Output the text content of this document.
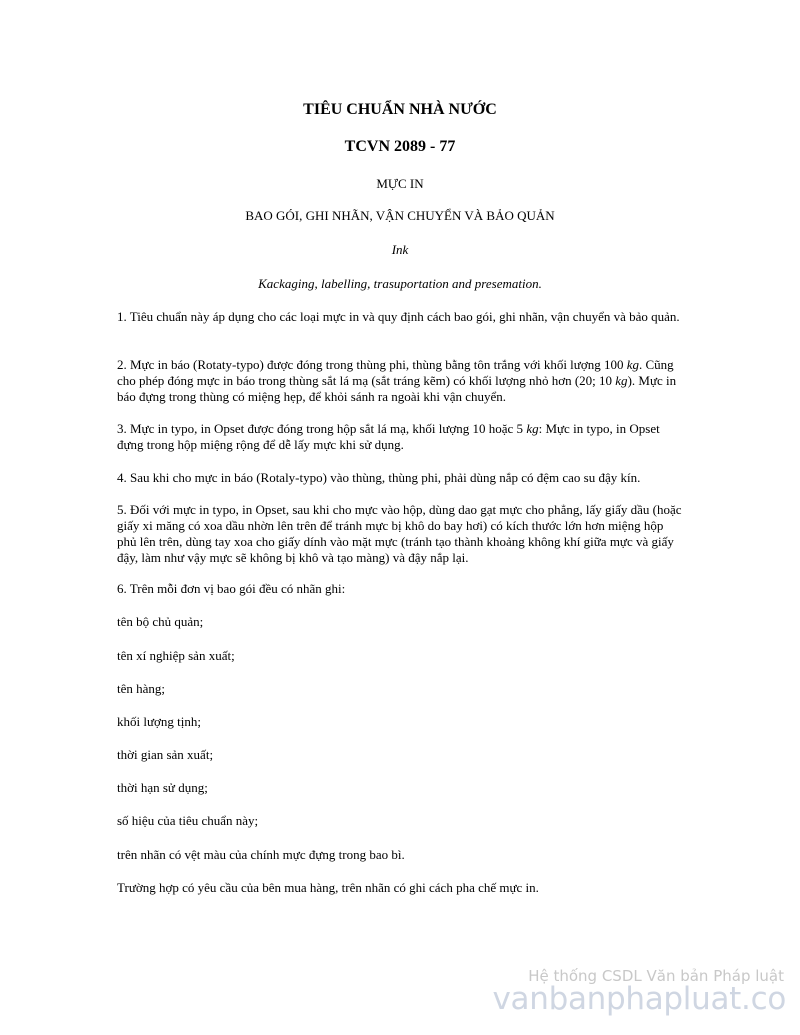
TIÊU CHUẨN NHÀ NƯỚC
TCVN 2089 - 77
MỰC IN
BAO GÓI, GHI NHÃN, VẬN CHUYỂN VÀ BẢO QUẢN
Ink
Kackaging, labelling, trasuportation and presemation.

1. Tiêu chuẩn này áp dụng cho các loại mực in và quy định cách bao gói, ghi nhãn, vận chuyển và bảo quản.

2. Mực in báo (Rotaty-typo) được đóng trong thùng phi, thùng bằng tôn trắng với khối lượng 100 kg. Cũng cho phép đóng mực in báo trong thùng sắt lá mạ (sắt tráng kẽm) có khối lượng nhỏ hơn (20; 10 kg). Mực in báo đựng trong thùng có miệng hẹp, để khỏi sánh ra ngoài khi vận chuyển.

3. Mực in typo, in Opset được đóng trong hộp sắt lá mạ, khối lượng 10 hoặc 5 kg: Mực in typo, in Opset đựng trong hộp miệng rộng để dễ lấy mực khi sử dụng.

4. Sau khi cho mực in báo (Rotaly-typo) vào thùng, thùng phi, phải dùng nắp có đệm cao su đậy kín.

5. Đối với mực in typo, in Opset, sau khi cho mực vào hộp, dùng dao gạt mực cho phẳng, lấy giấy dầu (hoặc giấy xi măng có xoa dầu nhờn lên trên để tránh mực bị khô do bay hơi) có kích thước lớn hơn miệng hộp phủ lên trên, dùng tay xoa cho giấy dính vào mặt mực (tránh tạo thành khoảng không khí giữa mực và giấy đậy, làm như vậy mực sẽ không bị khô và tạo màng) và đậy nắp lại.

6. Trên mỗi đơn vị bao gói đều có nhãn ghi:

tên bộ chủ quản;

tên xí nghiệp sản xuất;

tên hàng;

khối lượng tịnh;

thời gian sản xuất;

thời hạn sử dụng;

số hiệu của tiêu chuẩn này;

trên nhãn có vệt màu của chính mực đựng trong bao bì.

Trường hợp có yêu cầu của bên mua hàng, trên nhãn có ghi cách pha chế mực in.

Hệ thống CSDL Văn bản Pháp luật
vanbanphapluat.co
